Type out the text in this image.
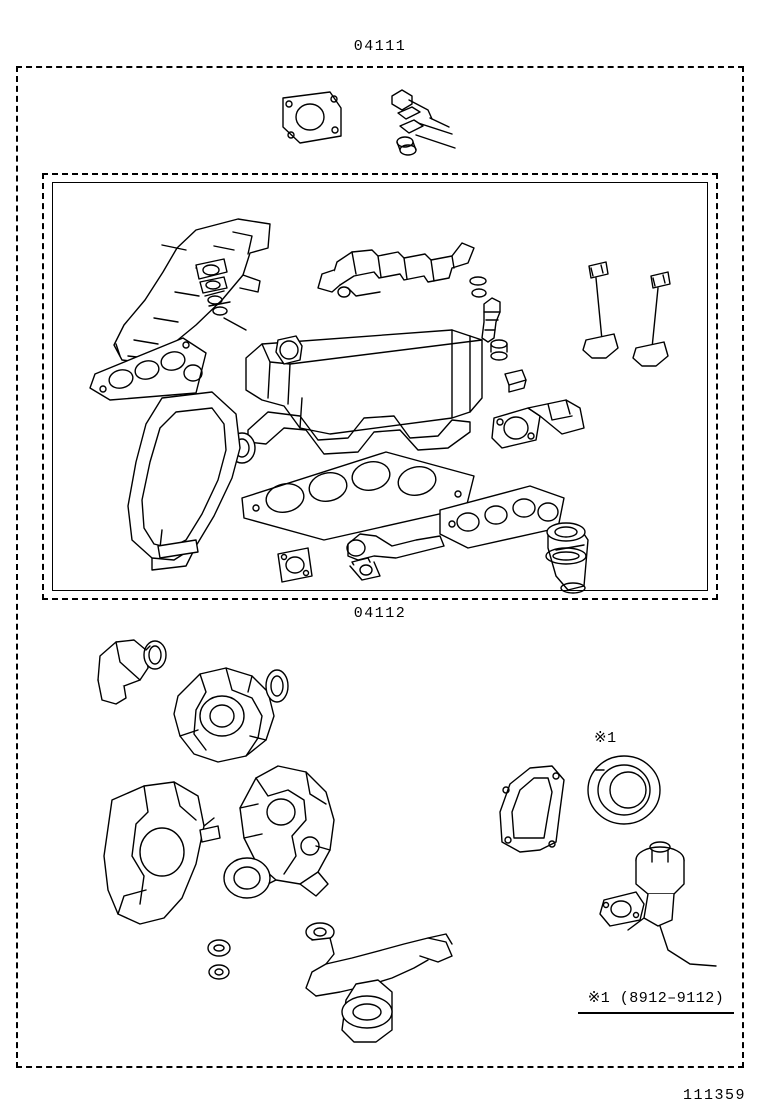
04111
04112
※1
※1 (8912–9112)
111359
